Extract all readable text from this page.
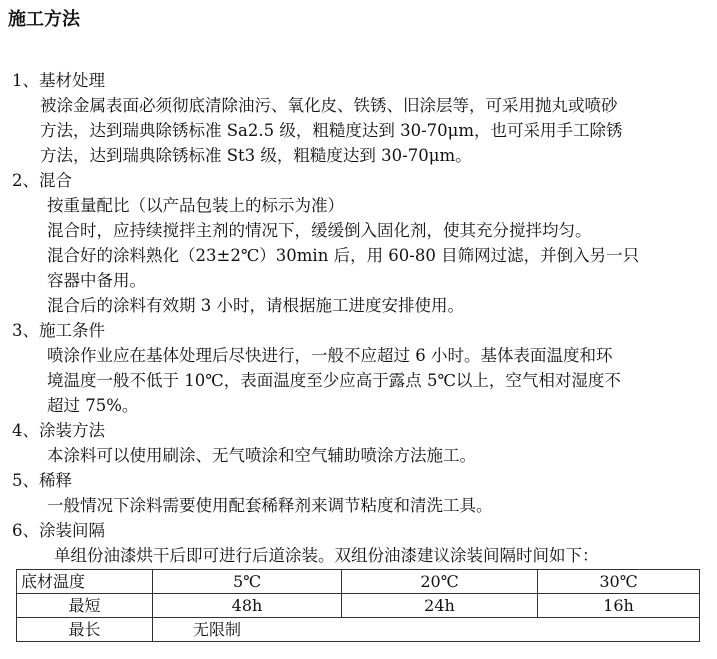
施工方法
1、基材处理
被涂金属表面必须彻底清除油污、氧化皮、铁锈、旧涂层等，可采用抛丸或喷砂
方法，达到瑞典除锈标准 Sa2.5 级，粗糙度达到 30-70μm，也可采用手工除锈
方法，达到瑞典除锈标准 St3 级，粗糙度达到 30-70μm。
2、混合
按重量配比（以产品包装上的标示为准）
混合时，应持续搅拌主剂的情况下，缓缓倒入固化剂，使其充分搅拌均匀。
混合好的涂料熟化（23±2℃）30min 后，用 60-80 目筛网过滤，并倒入另一只
容器中备用。
混合后的涂料有效期 3 小时，请根据施工进度安排使用。
3、施工条件
喷涂作业应在基体处理后尽快进行，一般不应超过 6 小时。基体表面温度和环
境温度一般不低于 10℃，表面温度至少应高于露点 5℃以上，空气相对湿度不
超过 75%。
4、涂装方法
本涂料可以使用刷涂、无气喷涂和空气辅助喷涂方法施工。
5、稀释
一般情况下涂料需要使用配套稀释剂来调节粘度和清洗工具。
6、涂装间隔
单组份油漆烘干后即可进行后道涂装。双组份油漆建议涂装间隔时间如下：
底材温度	5℃	20℃	30℃
最短	48h	24h	16h
最长	无限制		
